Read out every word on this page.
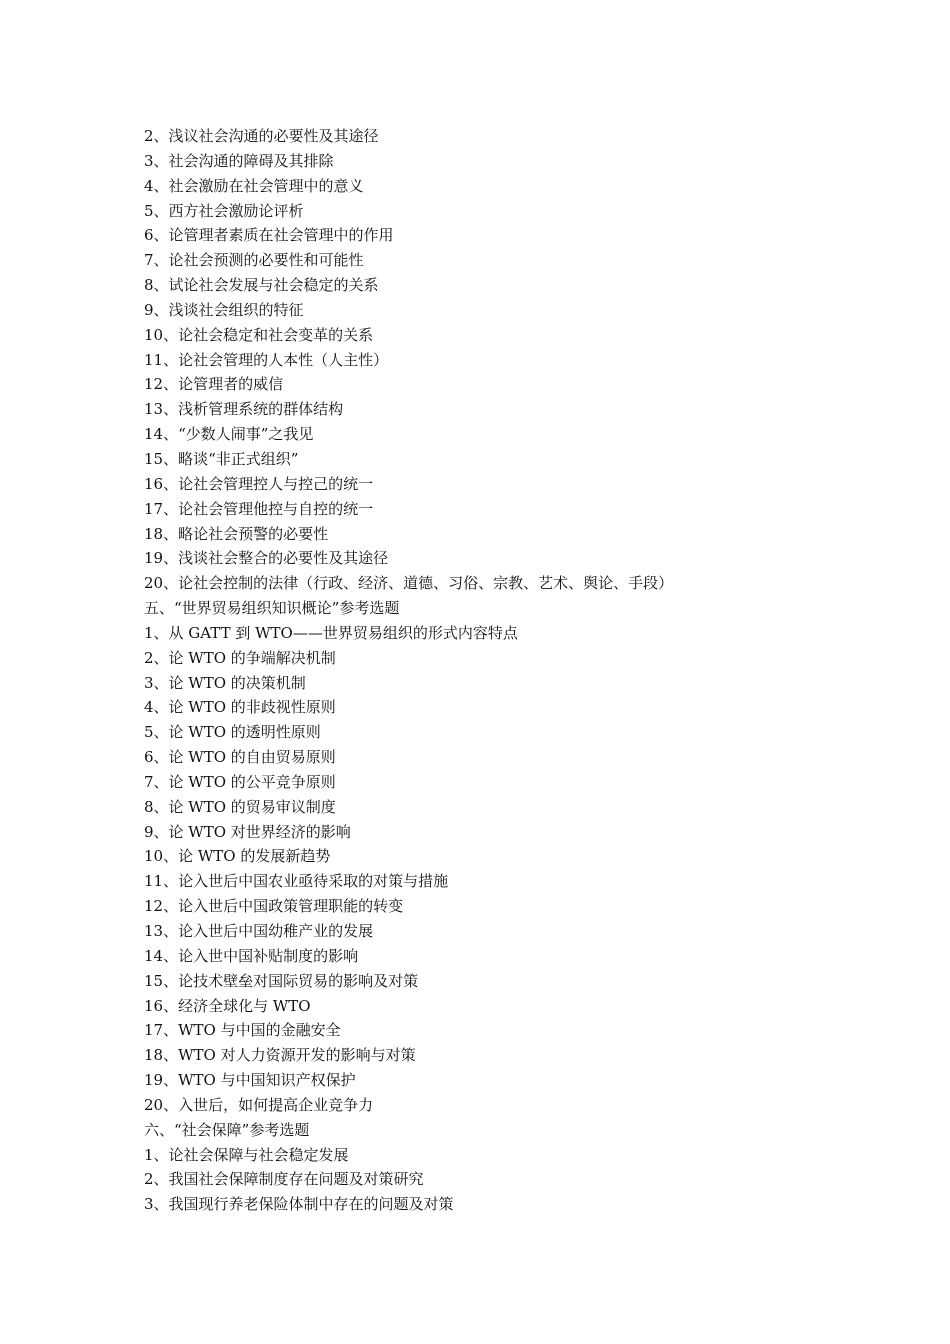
2、浅议社会沟通的必要性及其途径
3、社会沟通的障碍及其排除
4、社会激励在社会管理中的意义
5、西方社会激励论评析
6、论管理者素质在社会管理中的作用
7、论社会预测的必要性和可能性
8、试论社会发展与社会稳定的关系
9、浅谈社会组织的特征
10、论社会稳定和社会变革的关系
11、论社会管理的人本性（人主性）
12、论管理者的威信
13、浅析管理系统的群体结构
14、“少数人闹事”之我见
15、略谈“非正式组织”
16、论社会管理控人与控己的统一
17、论社会管理他控与自控的统一
18、略论社会预警的必要性
19、浅谈社会整合的必要性及其途径
20、论社会控制的法律（行政、经济、道德、习俗、宗教、艺术、舆论、手段）
五、“世界贸易组织知识概论”参考选题
1、从 GATT 到 WTO——世界贸易组织的形式内容特点
2、论 WTO 的争端解决机制
3、论 WTO 的决策机制
4、论 WTO 的非歧视性原则
5、论 WTO 的透明性原则
6、论 WTO 的自由贸易原则
7、论 WTO 的公平竞争原则
8、论 WTO 的贸易审议制度
9、论 WTO 对世界经济的影响
10、论 WTO 的发展新趋势
11、论入世后中国农业亟待采取的对策与措施
12、论入世后中国政策管理职能的转变
13、论入世后中国幼稚产业的发展
14、论入世中国补贴制度的影响
15、论技术壁垒对国际贸易的影响及对策
16、经济全球化与 WTO
17、WTO 与中国的金融安全
18、WTO 对人力资源开发的影响与对策
19、WTO 与中国知识产权保护
20、入世后，如何提高企业竞争力
六、“社会保障”参考选题
1、论社会保障与社会稳定发展
2、我国社会保障制度存在问题及对策研究
3、我国现行养老保险体制中存在的问题及对策
